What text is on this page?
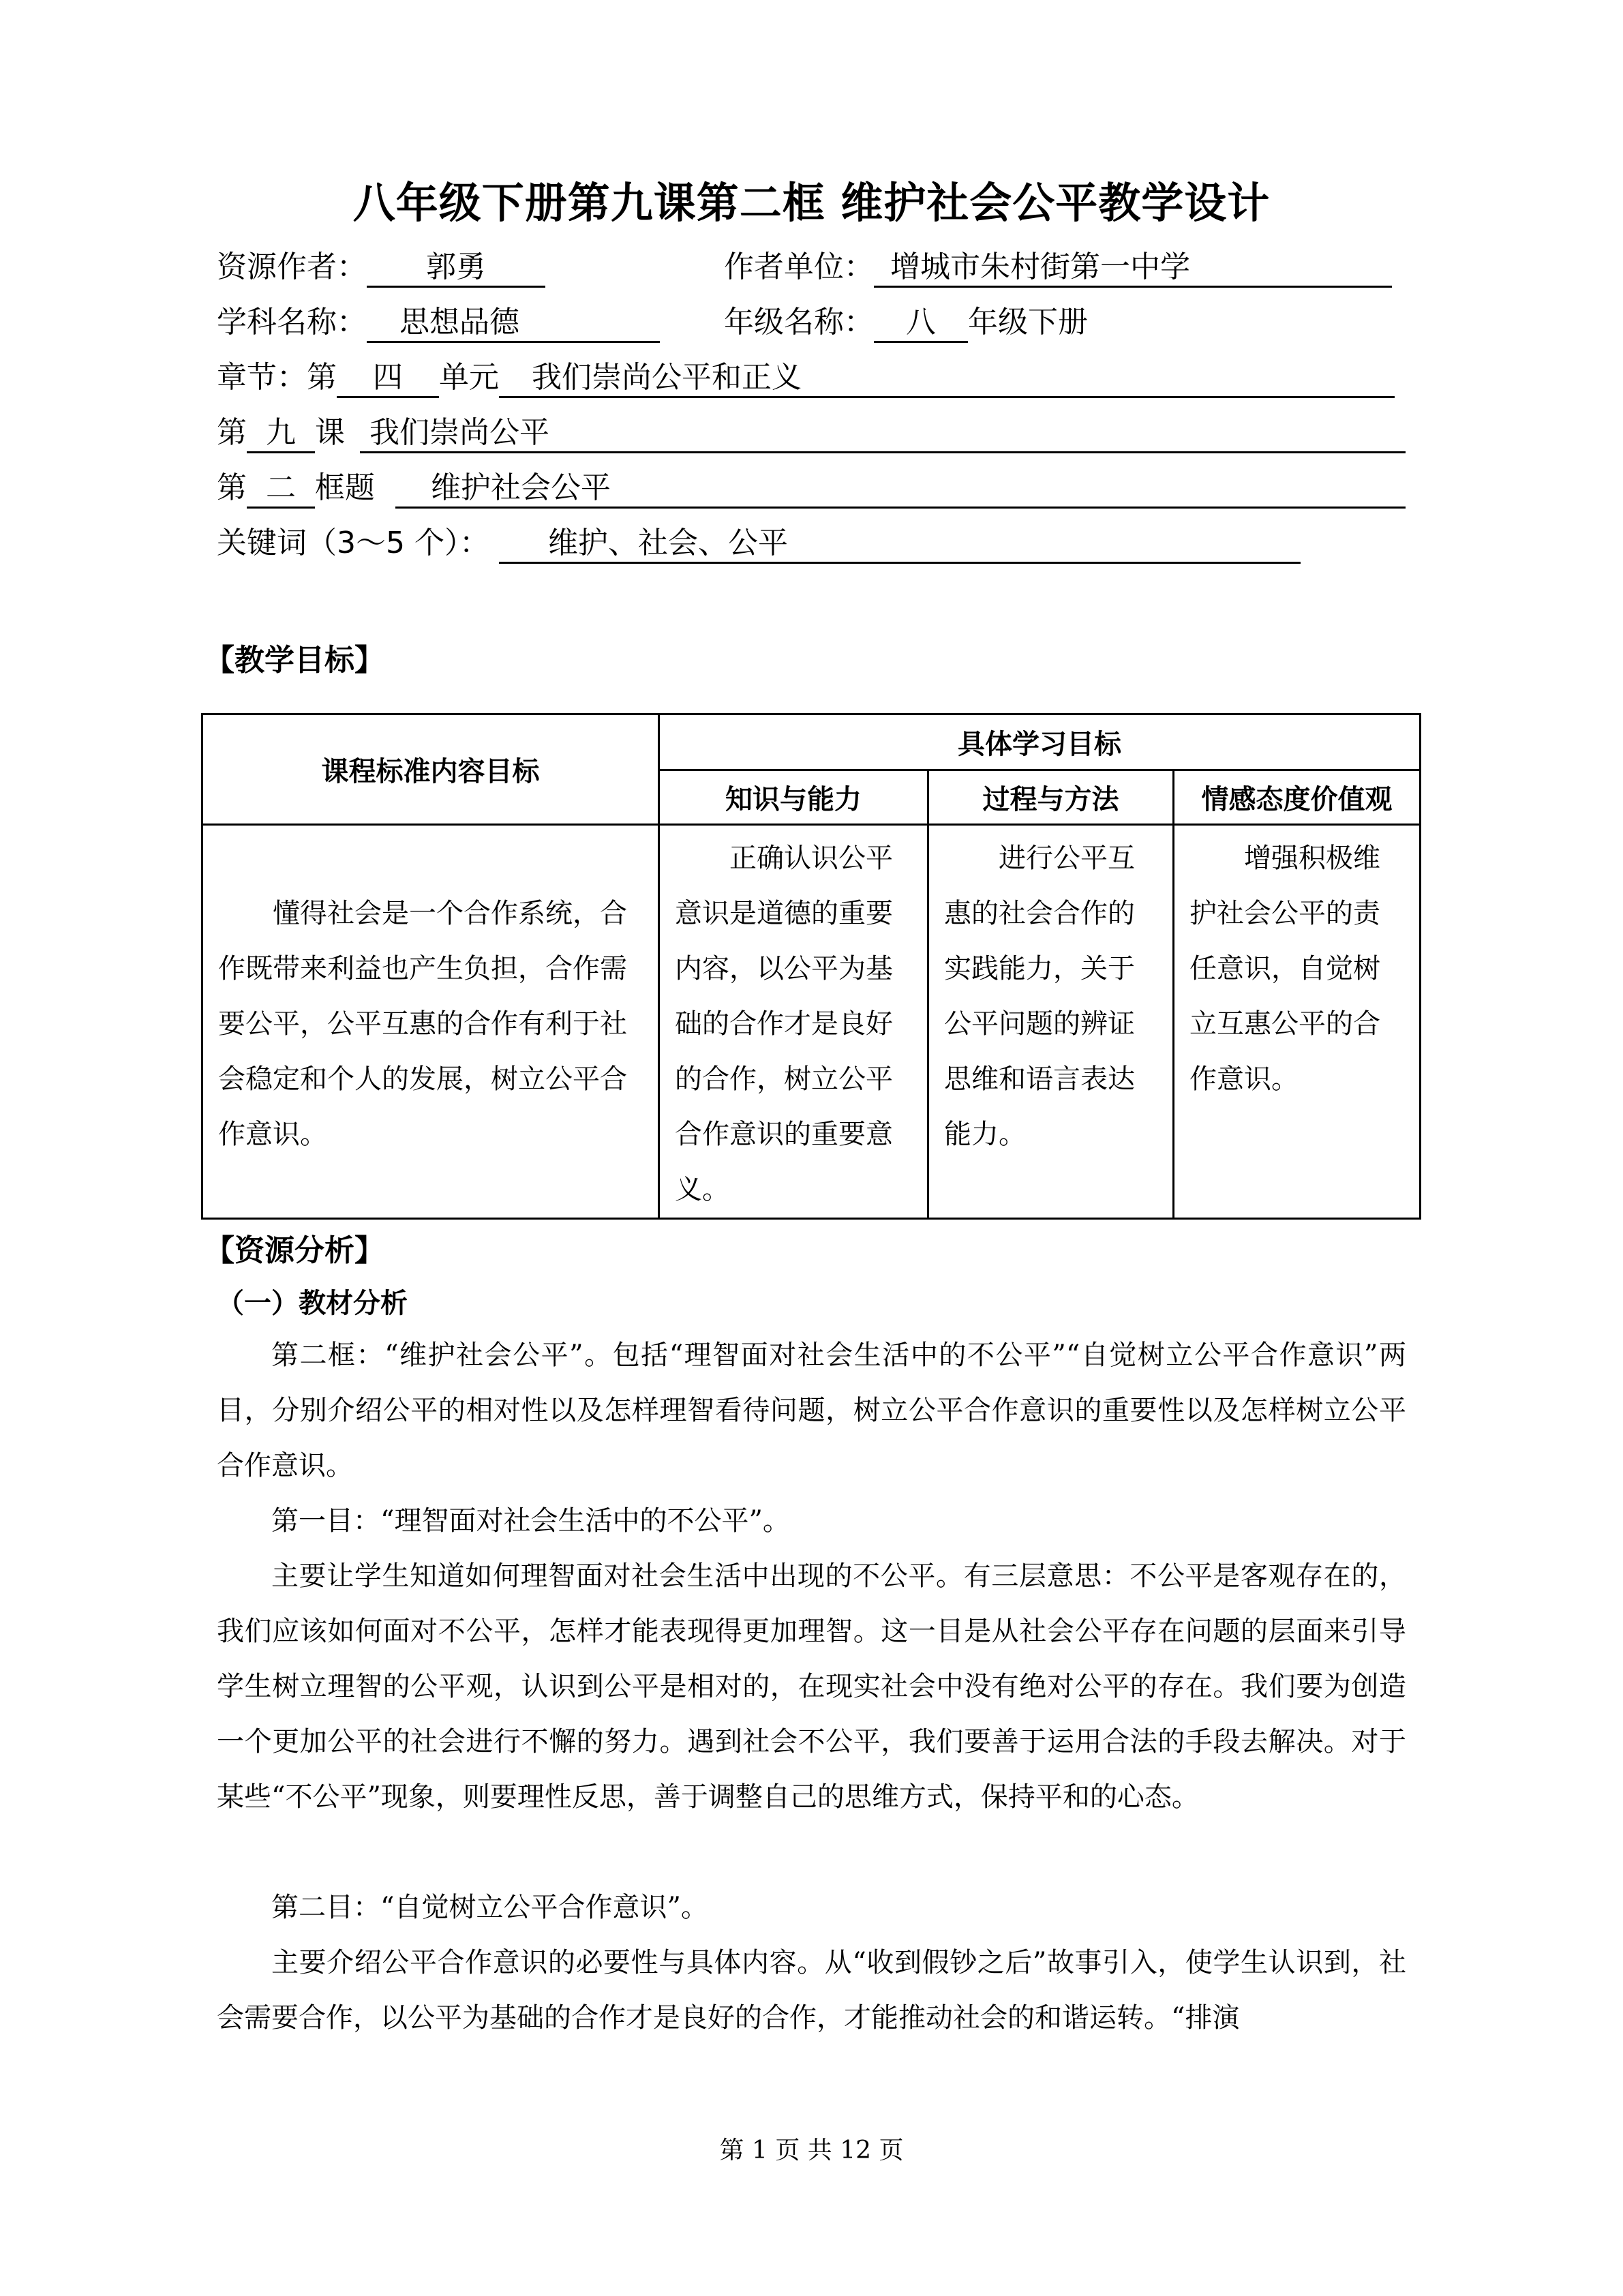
八年级下册第九课第二框 维护社会公平教学设计
资源作者： 郭勇	作者单位： 增城市朱村街第一中学
学科名称： 思想品德	年级名称： 八 年级下册
章节：第 四 单元 我们崇尚公平和正义
第 九 课 我们崇尚公平
第 二 框题 维护社会公平
关键词（3～5 个）： 维护、社会、公平
【教学目标】
课程标准内容目标	具体学习目标		
	知识与能力	过程与方法	情感态度价值观
懂得社会是一个合作系统，合作既带来利益也产生负担，合作需要公平，公平互惠的合作有利于社会稳定和个人的发展，树立公平合作意识。	正确认识公平意识是道德的重要内容，以公平为基础的合作才是良好的合作，树立公平合作意识的重要意义。	进行公平互惠的社会合作的实践能力，关于公平问题的辨证思维和语言表达能力。	增强积极维护社会公平的责任意识，自觉树立互惠公平的合作意识。
【资源分析】
（一）教材分析
第二框：“维护社会公平”。包括“理智面对社会生活中的不公平”“自觉树立公平合作意识”两目，分别介绍公平的相对性以及怎样理智看待问题，树立公平合作意识的重要性以及怎样树立公平合作意识。
第一目：“理智面对社会生活中的不公平”。
主要让学生知道如何理智面对社会生活中出现的不公平。有三层意思：不公平是客观存在的，我们应该如何面对不公平，怎样才能表现得更加理智。这一目是从社会公平存在问题的层面来引导学生树立理智的公平观，认识到公平是相对的，在现实社会中没有绝对公平的存在。我们要为创造一个更加公平的社会进行不懈的努力。遇到社会不公平，我们要善于运用合法的手段去解决。对于某些“不公平”现象，则要理性反思，善于调整自己的思维方式，保持平和的心态。
第二目：“自觉树立公平合作意识”。
主要介绍公平合作意识的必要性与具体内容。从“收到假钞之后”故事引入，使学生认识到，社会需要合作，以公平为基础的合作才是良好的合作，才能推动社会的和谐运转。“排演
第 1 页 共 12 页
